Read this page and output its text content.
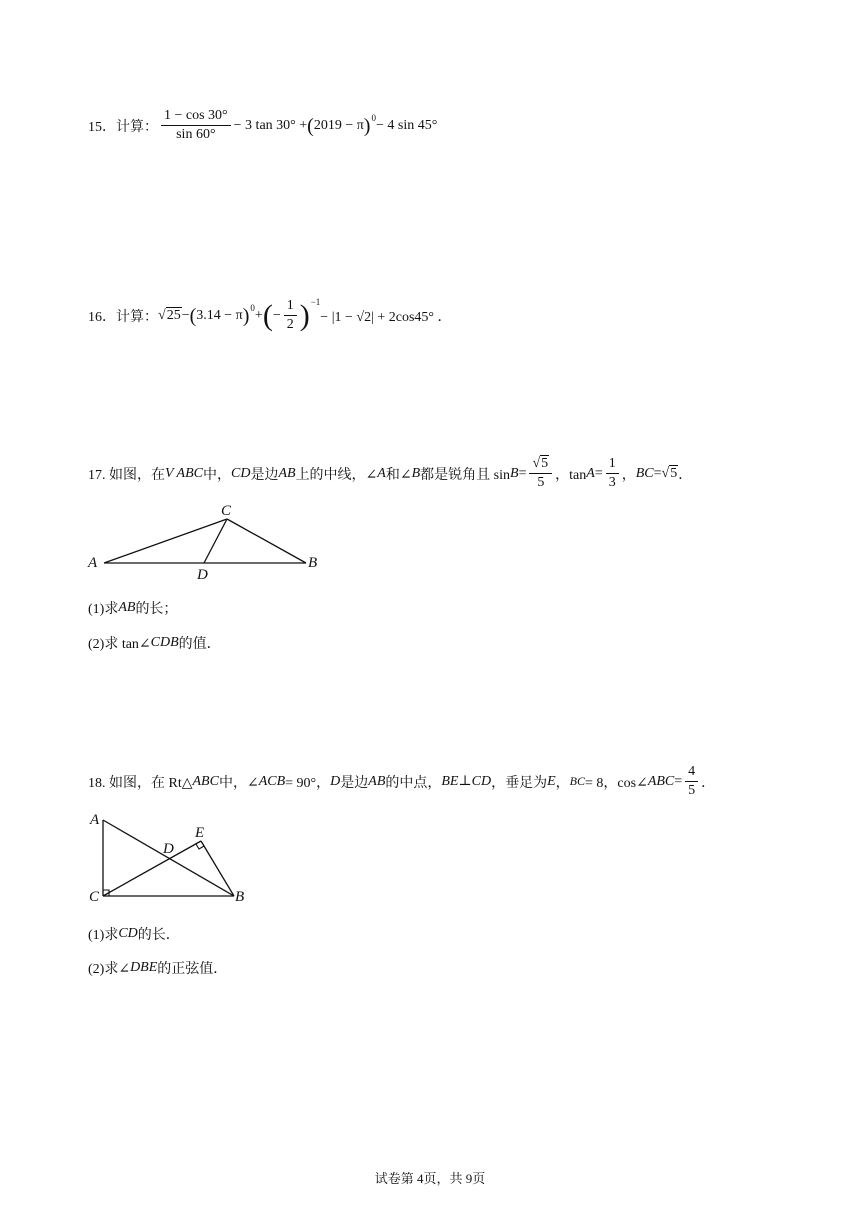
15．计算： $\frac{1 - \cos 30^\circ}{\sin 60^\circ} - 3$ tan 30° + ( 2019 − π ) 0 − 4 sin 45°
16．计算： √25 − ( 3.14 − π ) 0 + ( − $\frac{1}{2}$ ) −1
− |1 − √2| + 2cos45° ．
17. 如图，在 V ABC 中， CD 是边 AB 上的中线，∠ A 和∠ B 都是锐角且 $\sin B = \frac{√5}{5}$ ，$\tan A = \frac{1}{3}$ ， BC = √ 5 ．
A	B
C
D
(1)求 AB 的长；
(2)求 tan∠ CDB 的值．
18. 如图，在 Rt△ ABC 中，∠ ACB = 90°， D 是边 AB 的中点， BE ⊥ CD ，垂足为 E ， BC = 8，cos∠ ABC = $\frac{4}{5}$ ．
A
C	B
D
E
(1)求 CD 的长．
(2)求∠ DBE 的正弦值．
试卷第 4页，共 9页
